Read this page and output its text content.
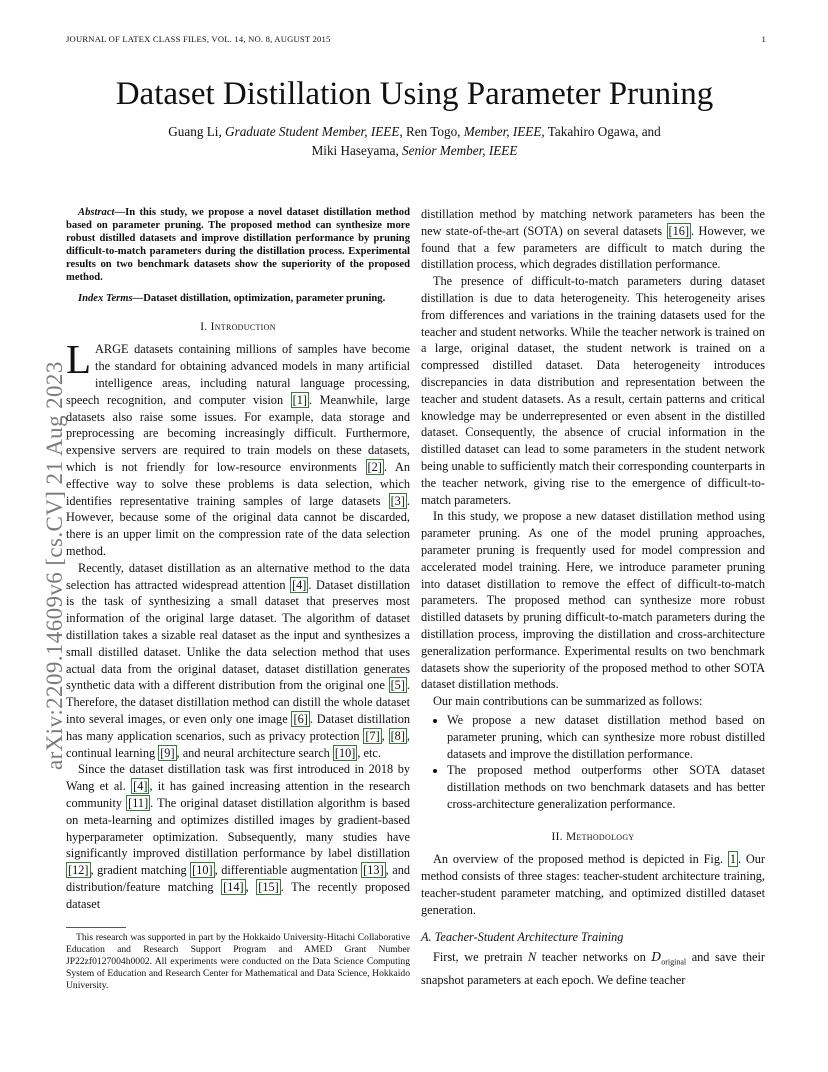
JOURNAL OF LATEX CLASS FILES, VOL. 14, NO. 8, AUGUST 2015	1
arXiv:2209.14609v6 [cs.CV] 21 Aug 2023
Dataset Distillation Using Parameter Pruning
Guang Li, Graduate Student Member, IEEE, Ren Togo, Member, IEEE, Takahiro Ogawa, and
Miki Haseyama, Senior Member, IEEE

Abstract—In this study, we propose a novel dataset distillation method based on parameter pruning. The proposed method can synthesize more robust distilled datasets and improve distillation performance by pruning difficult-to-match parameters during the distillation process. Experimental results on two benchmark datasets show the superiority of the proposed method.

Index Terms—Dataset distillation, optimization, parameter pruning.

I. Introduction

LARGE datasets containing millions of samples have become the standard for obtaining advanced models in many artificial intelligence areas, including natural language processing, speech recognition, and computer vision [1] . Meanwhile, large datasets also raise some issues. For example, data storage and preprocessing are becoming increasingly difficult. Furthermore, expensive servers are required to train models on these datasets, which is not friendly for low-resource environments [2] . An effective way to solve these problems is data selection, which identifies representative training samples of large datasets [3] . However, because some of the original data cannot be discarded, there is an upper limit on the compression rate of the data selection method.

Recently, dataset distillation as an alternative method to the data selection has attracted widespread attention [4] . Dataset distillation is the task of synthesizing a small dataset that preserves most information of the original large dataset. The algorithm of dataset distillation takes a sizable real dataset as the input and synthesizes a small distilled dataset. Unlike the data selection method that uses actual data from the original dataset, dataset distillation generates synthetic data with a different distribution from the original one [5] . Therefore, the dataset distillation method can distill the whole dataset into several images, or even only one image [6] . Dataset distillation has many application scenarios, such as privacy protection [7] , [8] , continual learning [9] , and neural architecture search [10] , etc.

Since the dataset distillation task was first introduced in 2018 by Wang et al. [4] , it has gained increasing attention in the research community [11] . The original dataset distillation algorithm is based on meta-learning and optimizes distilled images by gradient-based hyperparameter optimization. Subsequently, many studies have significantly improved distillation performance by label distillation [12] , gradient matching [10] , differentiable augmentation [13] , and distribution/feature matching [14] , [15] . The recently proposed dataset

This research was supported in part by the Hokkaido University-Hitachi Collaborative Education and Research Support Program and AMED Grant Number JP22zf0127004h0002. All experiments were conducted on the Data Science Computing System of Education and Research Center for Mathematical and Data Science, Hokkaido University.

distillation method by matching network parameters has been the new state-of-the-art (SOTA) on several datasets [16] . However, we found that a few parameters are difficult to match during the distillation process, which degrades distillation performance.

The presence of difficult-to-match parameters during dataset distillation is due to data heterogeneity. This heterogeneity arises from differences and variations in the training datasets used for the teacher and student networks. While the teacher network is trained on a large, original dataset, the student network is trained on a compressed distilled dataset. Data heterogeneity introduces discrepancies in data distribution and representation between the teacher and student datasets. As a result, certain patterns and critical knowledge may be underrepresented or even absent in the distilled dataset. Consequently, the absence of crucial information in the distilled dataset can lead to some parameters in the student network being unable to sufficiently match their corresponding counterparts in the teacher network, giving rise to the emergence of difficult-to-match parameters.

In this study, we propose a new dataset distillation method using parameter pruning. As one of the model pruning approaches, parameter pruning is frequently used for model compression and accelerated model training. Here, we introduce parameter pruning into dataset distillation to remove the effect of difficult-to-match parameters. The proposed method can synthesize more robust distilled datasets by pruning difficult-to-match parameters during the distillation process, improving the distillation and cross-architecture generalization performance. Experimental results on two benchmark datasets show the superiority of the proposed method to other SOTA dataset distillation methods.

Our main contributions can be summarized as follows:

• We propose a new dataset distillation method based on parameter pruning, which can synthesize more robust distilled datasets and improve the distillation performance.
• The proposed method outperforms other SOTA dataset distillation methods on two benchmark datasets and has better cross-architecture generalization performance.
II. Methodology

An overview of the proposed method is depicted in Fig. 1 . Our method consists of three stages: teacher-student architecture training, teacher-student parameter matching, and optimized distilled dataset generation.

A. Teacher-Student Architecture Training

First, we pretrain N teacher networks on $D_{original}$ and save their snapshot parameters at each epoch. We define teacher
